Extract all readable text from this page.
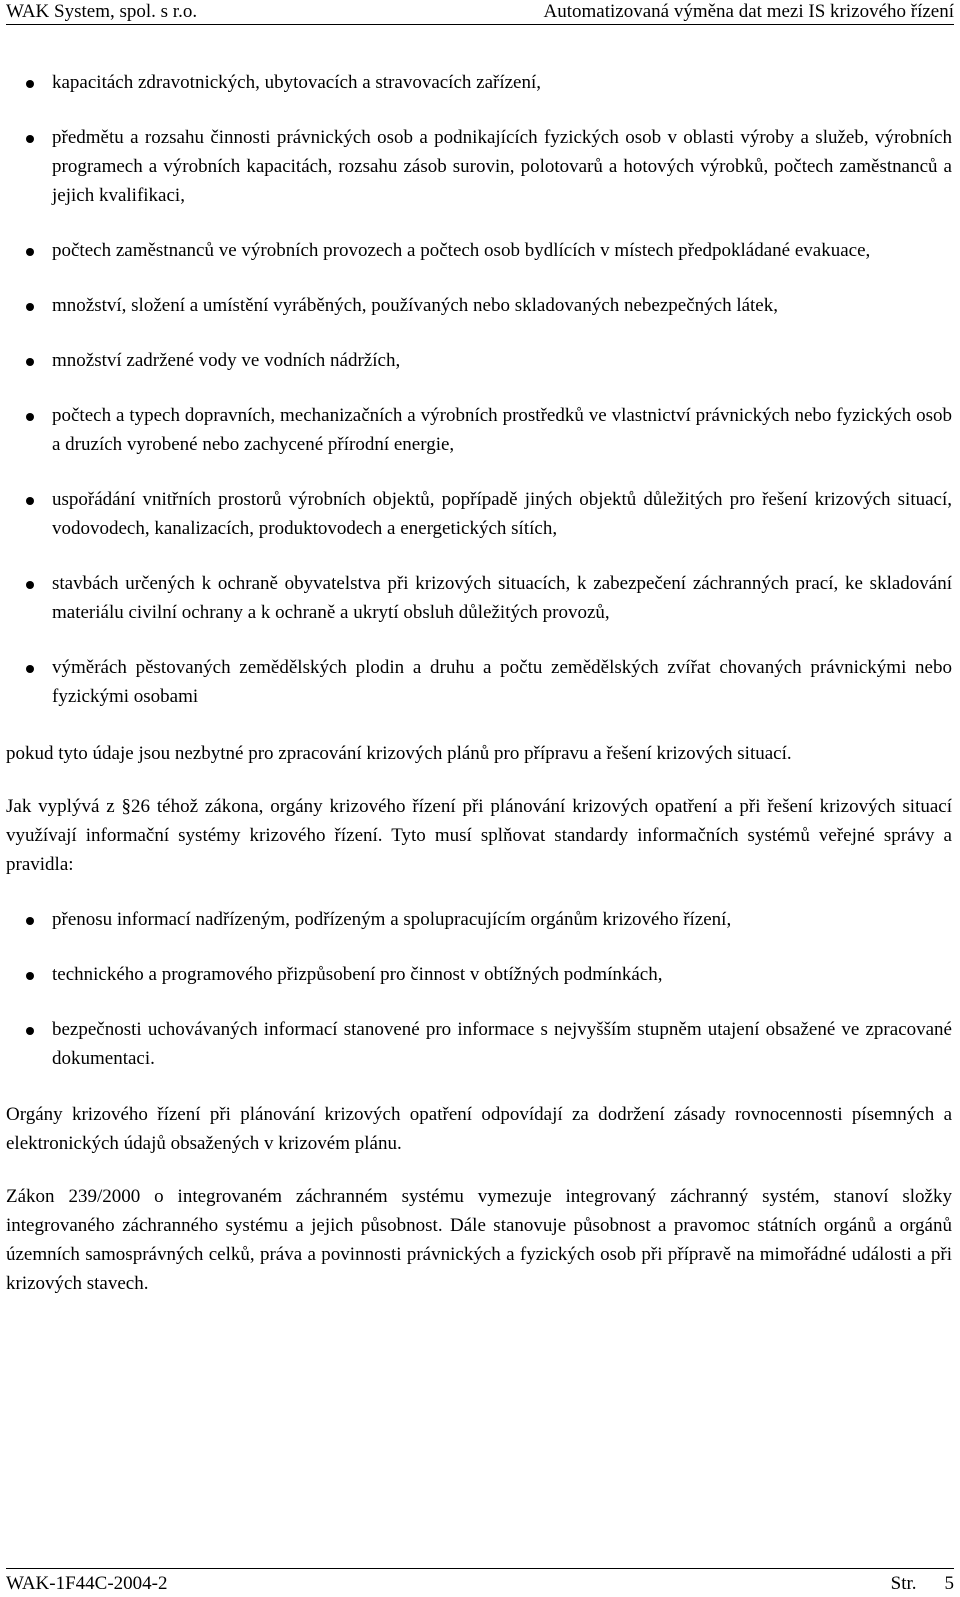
WAK System, spol. s r.o.	Automatizovaná výměna dat mezi IS krizového řízení
kapacitách zdravotnických, ubytovacích a stravovacích zařízení,
předmětu a rozsahu činnosti právnických osob a podnikajících fyzických osob v oblasti výroby a služeb, výrobních programech a výrobních kapacitách, rozsahu zásob surovin, polotovarů a hotových výrobků, počtech zaměstnanců a jejich kvalifikaci,
počtech zaměstnanců ve výrobních provozech a počtech osob bydlících v místech předpokládané evakuace,
množství, složení a umístění vyráběných, používaných nebo skladovaných nebezpečných látek,
množství zadržené vody ve vodních nádržích,
počtech a typech dopravních, mechanizačních a výrobních prostředků ve vlastnictví právnických nebo fyzických osob a druzích vyrobené nebo zachycené přírodní energie,
uspořádání vnitřních prostorů výrobních objektů, popřípadě jiných objektů důležitých pro řešení krizových situací, vodovodech, kanalizacích, produktovodech a energetických sítích,
stavbách určených k ochraně obyvatelstva při krizových situacích, k zabezpečení záchranných prací, ke skladování materiálu civilní ochrany a k ochraně a ukrytí obsluh důležitých provozů,
výměrách pěstovaných zemědělských plodin a druhu a počtu zemědělských zvířat chovaných právnickými nebo fyzickými osobami

pokud tyto údaje jsou nezbytné pro zpracování krizových plánů pro přípravu a řešení krizových situací.

Jak vyplývá z §26 téhož zákona, orgány krizového řízení při plánování krizových opatření a při řešení krizových situací využívají informační systémy krizového řízení. Tyto musí splňovat standardy informačních systémů veřejné správy a pravidla:

přenosu informací nadřízeným, podřízeným a spolupracujícím orgánům krizového řízení,
technického a programového přizpůsobení pro činnost v obtížných podmínkách,
bezpečnosti uchovávaných informací stanovené pro informace s nejvyšším stupněm utajení obsažené ve zpracované dokumentaci.

Orgány krizového řízení při plánování krizových opatření odpovídají za dodržení zásady rovnocennosti písemných a elektronických údajů obsažených v krizovém plánu.

Zákon 239/2000 o integrovaném záchranném systému vymezuje integrovaný záchranný systém, stanoví složky integrovaného záchranného systému a jejich působnost. Dále stanovuje působnost a pravomoc státních orgánů a orgánů územních samosprávných celků, práva a povinnosti právnických a fyzických osob při přípravě na mimořádné události a při krizových stavech.

WAK-1F44C-2004-2	Str. 5
